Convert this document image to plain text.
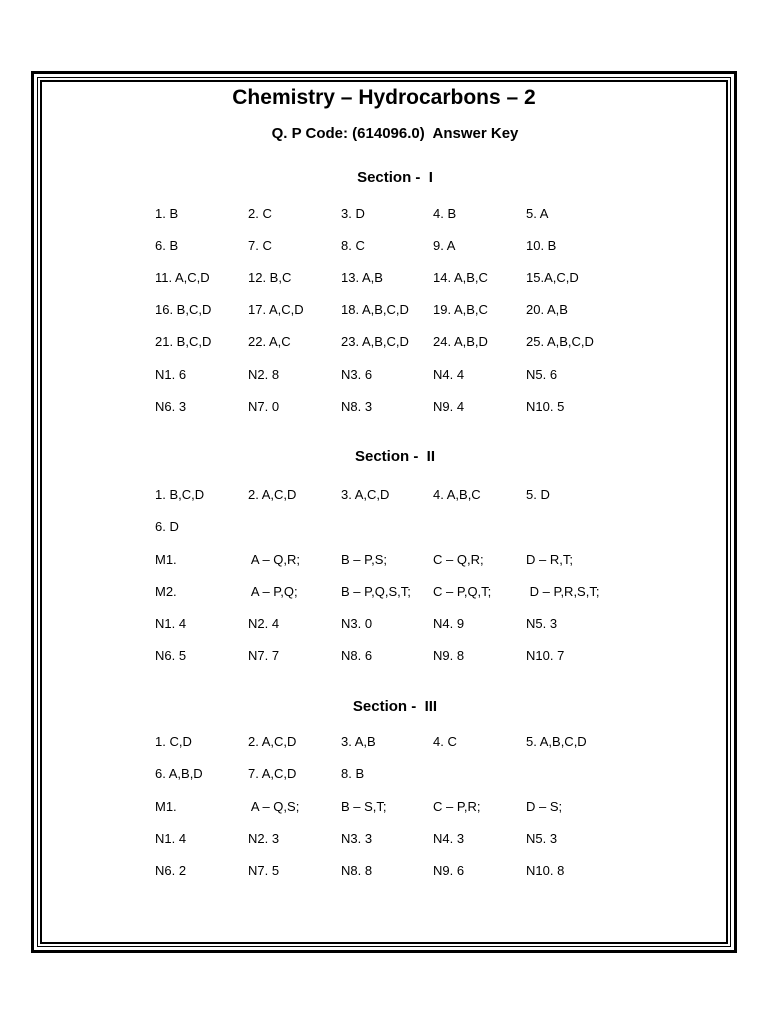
Chemistry – Hydrocarbons – 2
Q. P Code: (614096.0)  Answer Key
Section -  I
1. B	2. C	3. D	4. B	5. A
6. B	7. C	8. C	9. A	10. B
11. A,C,D	12. B,C	13. A,B	14. A,B,C	15.A,C,D
16. B,C,D	17. A,C,D	18. A,B,C,D 19. A,B,C	20. A,B
21. B,C,D	22. A,C	23. A,B,C,D 24. A,B,D	25. A,B,C,D
N1. 6	N2. 8	N3. 6	N4. 4	N5. 6
N6. 3	N7. 0	N8. 3	N9. 4	N10. 5
Section -  II
1. B,C,D	2. A,C,D	3. A,C,D	4. A,B,C	5. D
6. D
M1.	A – Q,R;	B – P,S;	C – Q,R;	D – R,T;
M2.	A – P,Q;	B – P,Q,S,T; C – P,Q,T;	D – P,R,S,T;
N1. 4	N2. 4	N3. 0	N4. 9	N5. 3
N6. 5	N7. 7	N8. 6	N9. 8	N10. 7
Section -  III
1. C,D	2. A,C,D	3. A,B	4. C	5. A,B,C,D
6. A,B,D	7. A,C,D	8. B
M1.	A – Q,S;	B – S,T;	C – P,R;	D – S;
N1. 4	N2. 3	N3. 3	N4. 3	N5. 3
N6. 2	N7. 5	N8. 8	N9. 6	N10. 8
